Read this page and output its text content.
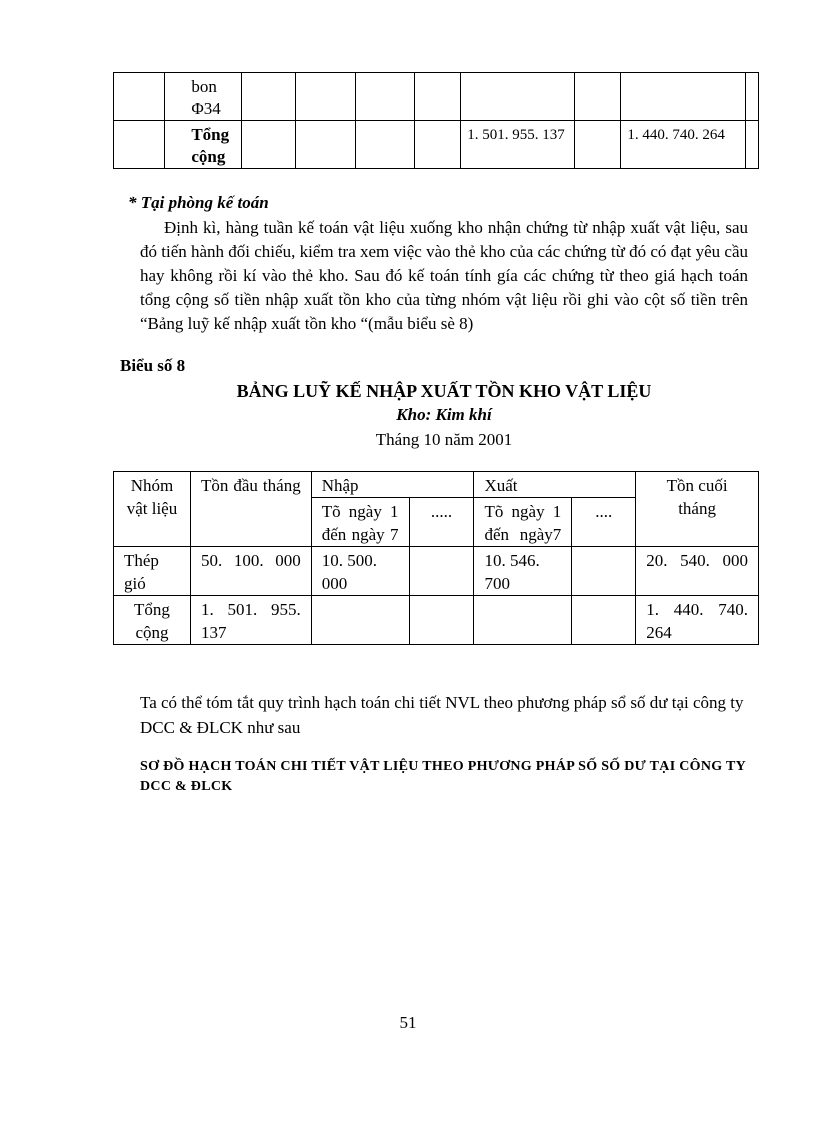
	bon
Φ34								

	Tổng
cộng					1. 501. 955. 137		1. 440. 740. 264	
* Tại phòng kế toán

Định kì, hàng tuần kế toán vật liệu xuống kho nhận chứng từ nhập xuất vật liệu, sau đó tiến hành đối chiếu, kiểm tra xem việc vào thẻ kho của các chứng từ đó có đạt yêu cầu hay không rồi kí vào thẻ kho. Sau đó kế toán tính gía các chứng từ theo giá hạch toán tổng cộng số tiền nhập xuất tồn kho của từng nhóm vật liệu rồi ghi vào cột số tiền trên “Bảng luỹ kế nhập xuất tồn kho “(mẫu biểu sè 8)

Biểu số 8
BẢNG LUỸ KẾ NHẬP XUẤT TỒN KHO VẬT LIỆU
Kho: Kim khí
Tháng 10 năm 2001
Nhóm vật liệu	Tồn đầu tháng	Nhập		Xuất		Tồn cuối tháng
		Tõ ngày 1 đến ngày 7	.....	Tõ ngày 1 đến ngày7	....	
Thép gió	50. 100. 000	10. 500. 000		10. 546. 700		20. 540. 000
Tổng cộng	1. 501. 955. 137					1. 440. 740. 264
Ta có thể tóm tắt quy trình hạch toán chi tiết NVL theo phương pháp sổ số dư tại công ty DCC & ĐLCK như sau
SƠ ĐỒ HẠCH TOÁN CHI TIẾT VẬT LIỆU THEO PHƯƠNG PHÁP SỐ SỐ DƯ TẠI CÔNG TY DCC & ĐLCK
51
